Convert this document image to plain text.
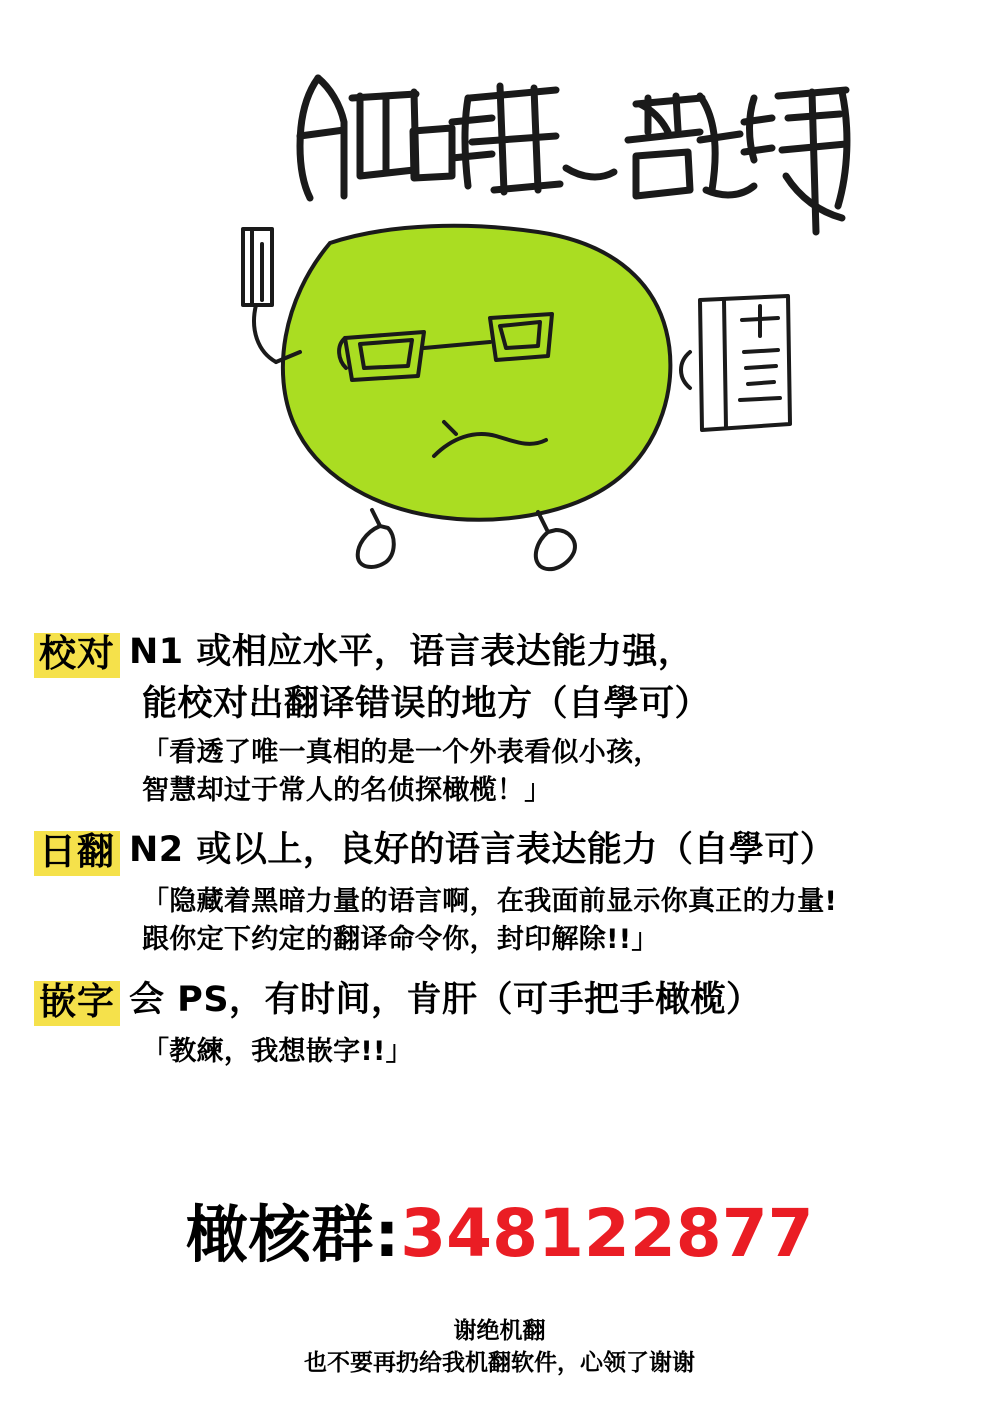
校对 N1 或相应水平，语言表达能力强，
能校对出翻译错误的地方（自學可）
「看透了唯一真相的是一个外表看似小孩，
智慧却过于常人的名侦探橄榄！」
日翻 N2 或以上，良好的语言表达能力（自學可）
「隐藏着黑暗力量的语言啊，在我面前显示你真正的力量!
跟你定下约定的翻译命令你，封印解除!!」
嵌字 会 PS，有时间，肯肝（可手把手橄榄）
「教練，我想嵌字!!」
橄核群:348122877
谢绝机翻
也不要再扔给我机翻软件，心领了谢谢
